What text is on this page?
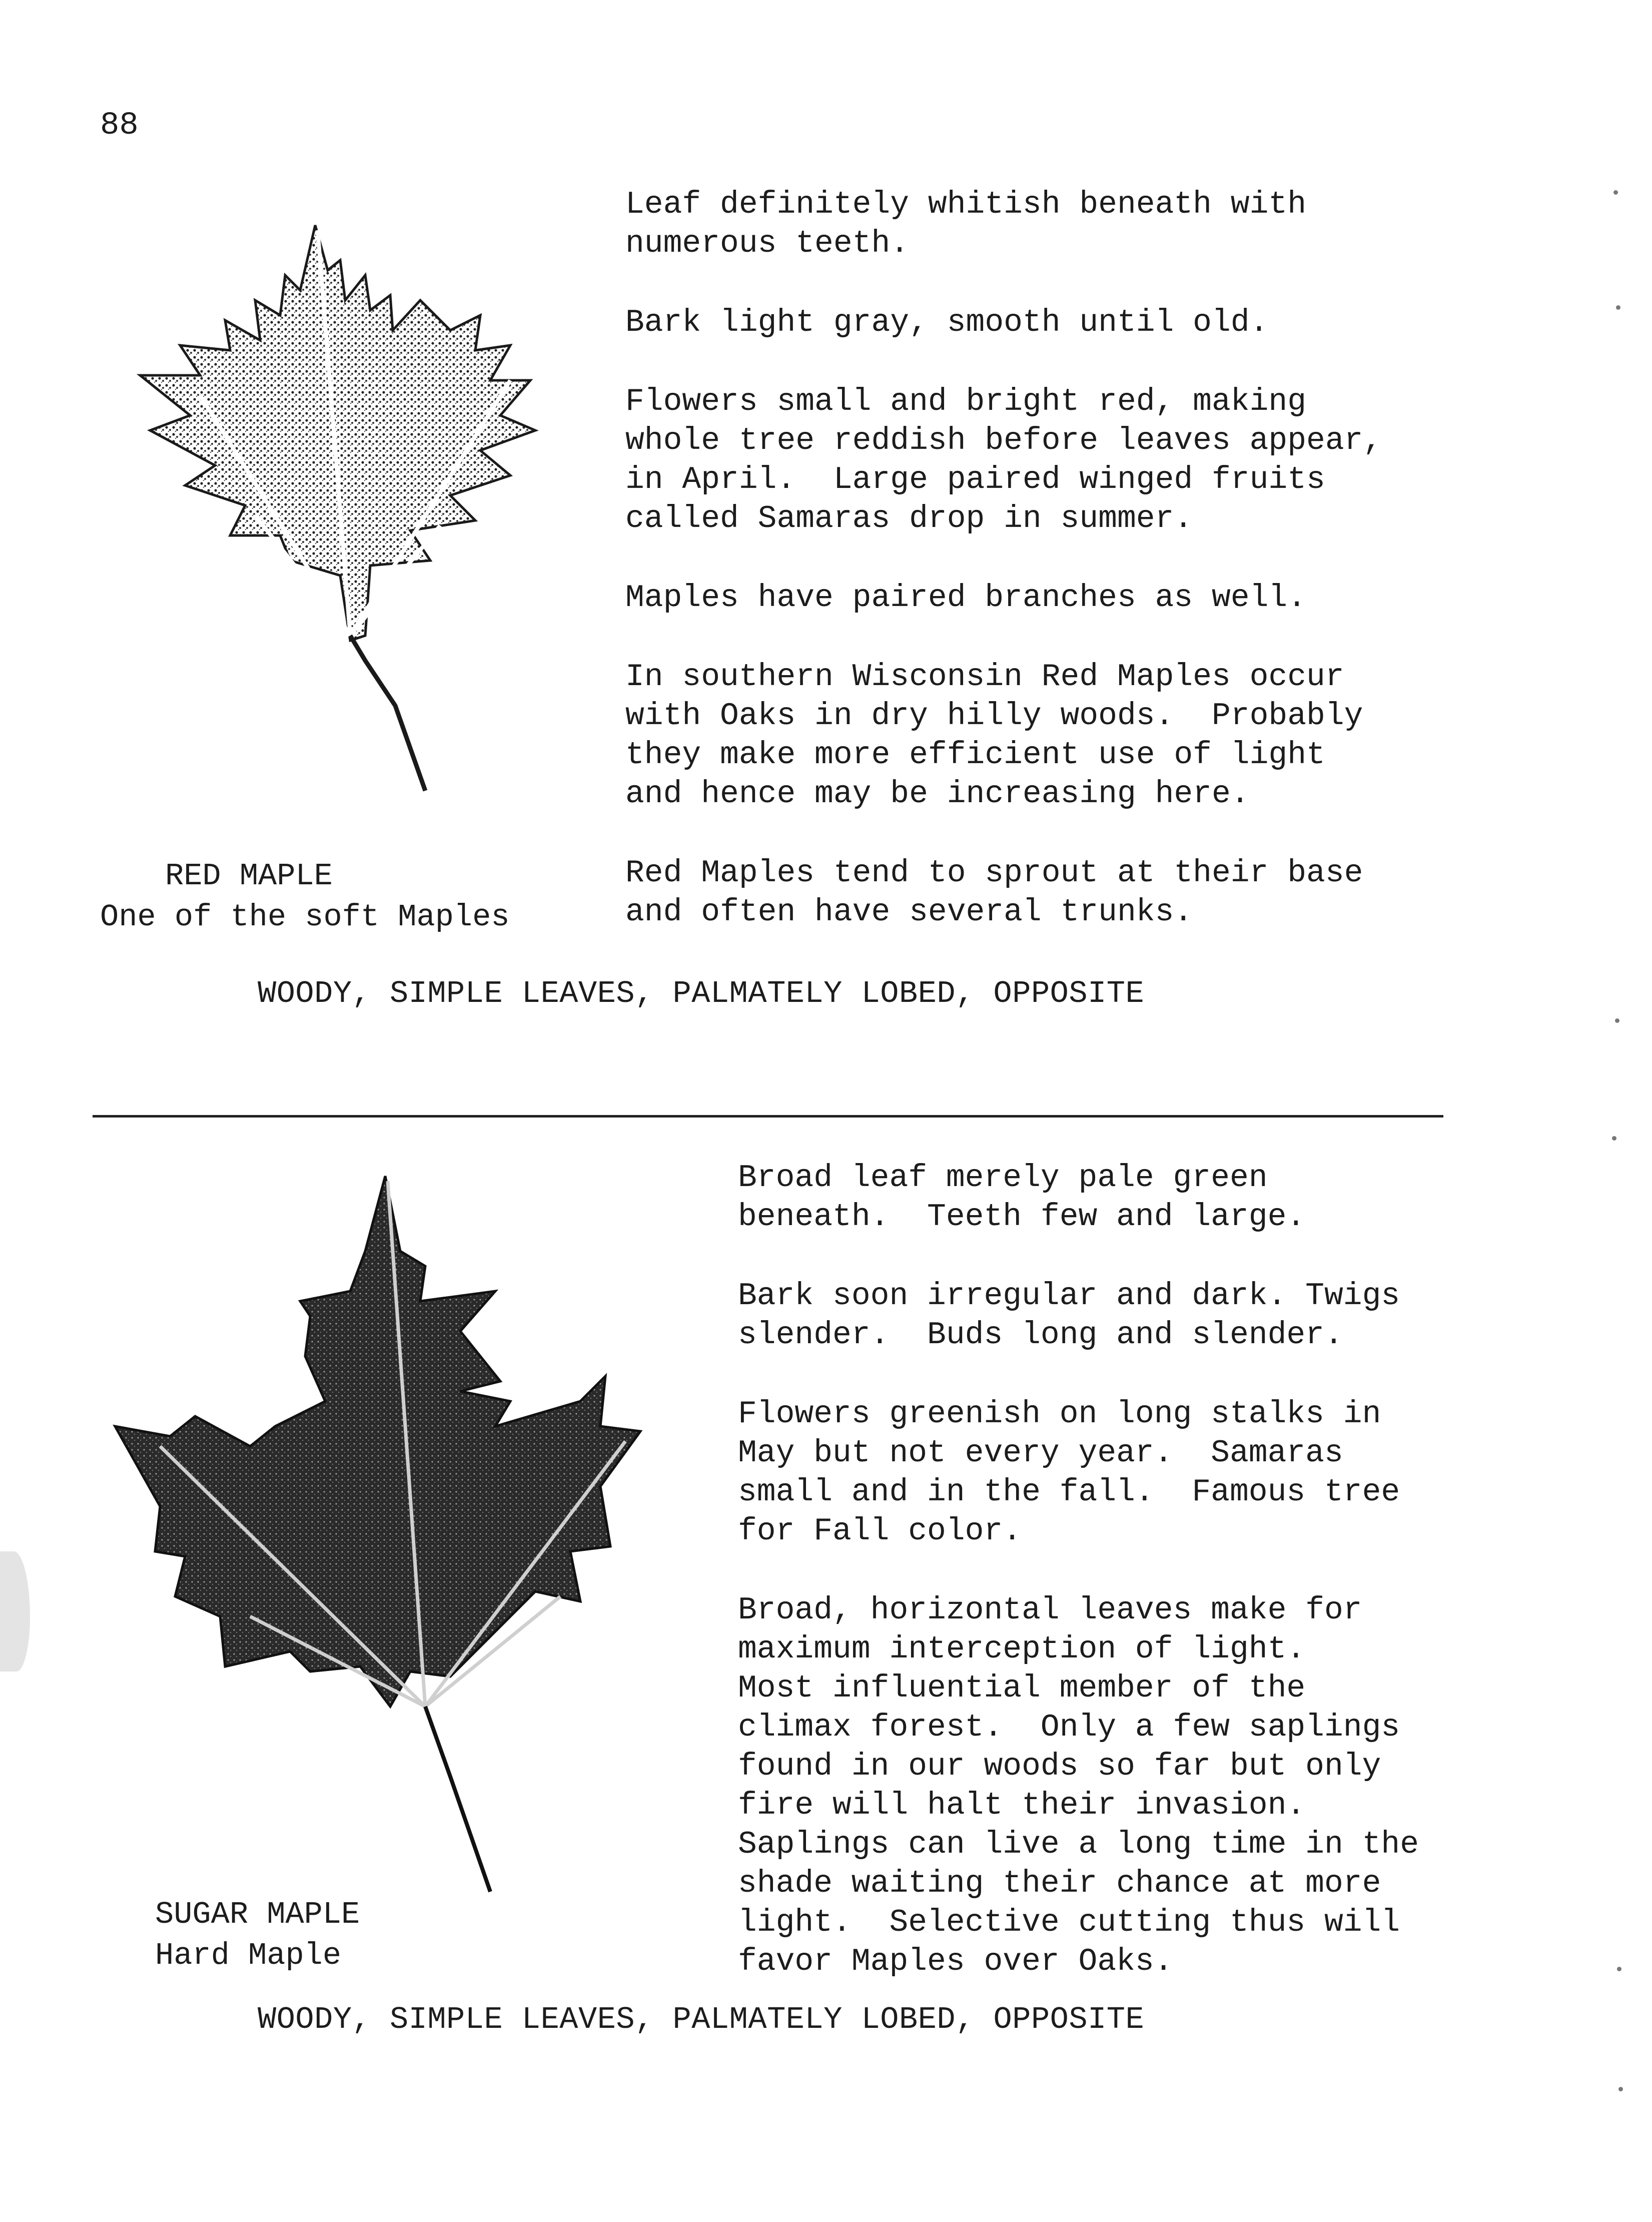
88

Leaf definitely whitish beneath with
numerous teeth.

Bark light gray, smooth until old.

Flowers small and bright red, making
whole tree reddish before leaves appear,
in April.  Large paired winged fruits
called Samaras drop in summer.

Maples have paired branches as well.

In southern Wisconsin Red Maples occur
with Oaks in dry hilly woods.  Probably
they make more efficient use of light
and hence may be increasing here.

Red Maples tend to sprout at their base
and often have several trunks.

RED MAPLE
One of the soft Maples
WOODY, SIMPLE LEAVES, PALMATELY LOBED, OPPOSITE

Broad leaf merely pale green
beneath.  Teeth few and large.

Bark soon irregular and dark. Twigs
slender.  Buds long and slender.

Flowers greenish on long stalks in
May but not every year.  Samaras
small and in the fall.  Famous tree
for Fall color.

Broad, horizontal leaves make for
maximum interception of light.
Most influential member of the
climax forest.  Only a few saplings
found in our woods so far but only
fire will halt their invasion.
Saplings can live a long time in the
shade waiting their chance at more
light.  Selective cutting thus will
favor Maples over Oaks.

SUGAR MAPLE
Hard Maple
WOODY, SIMPLE LEAVES, PALMATELY LOBED, OPPOSITE
